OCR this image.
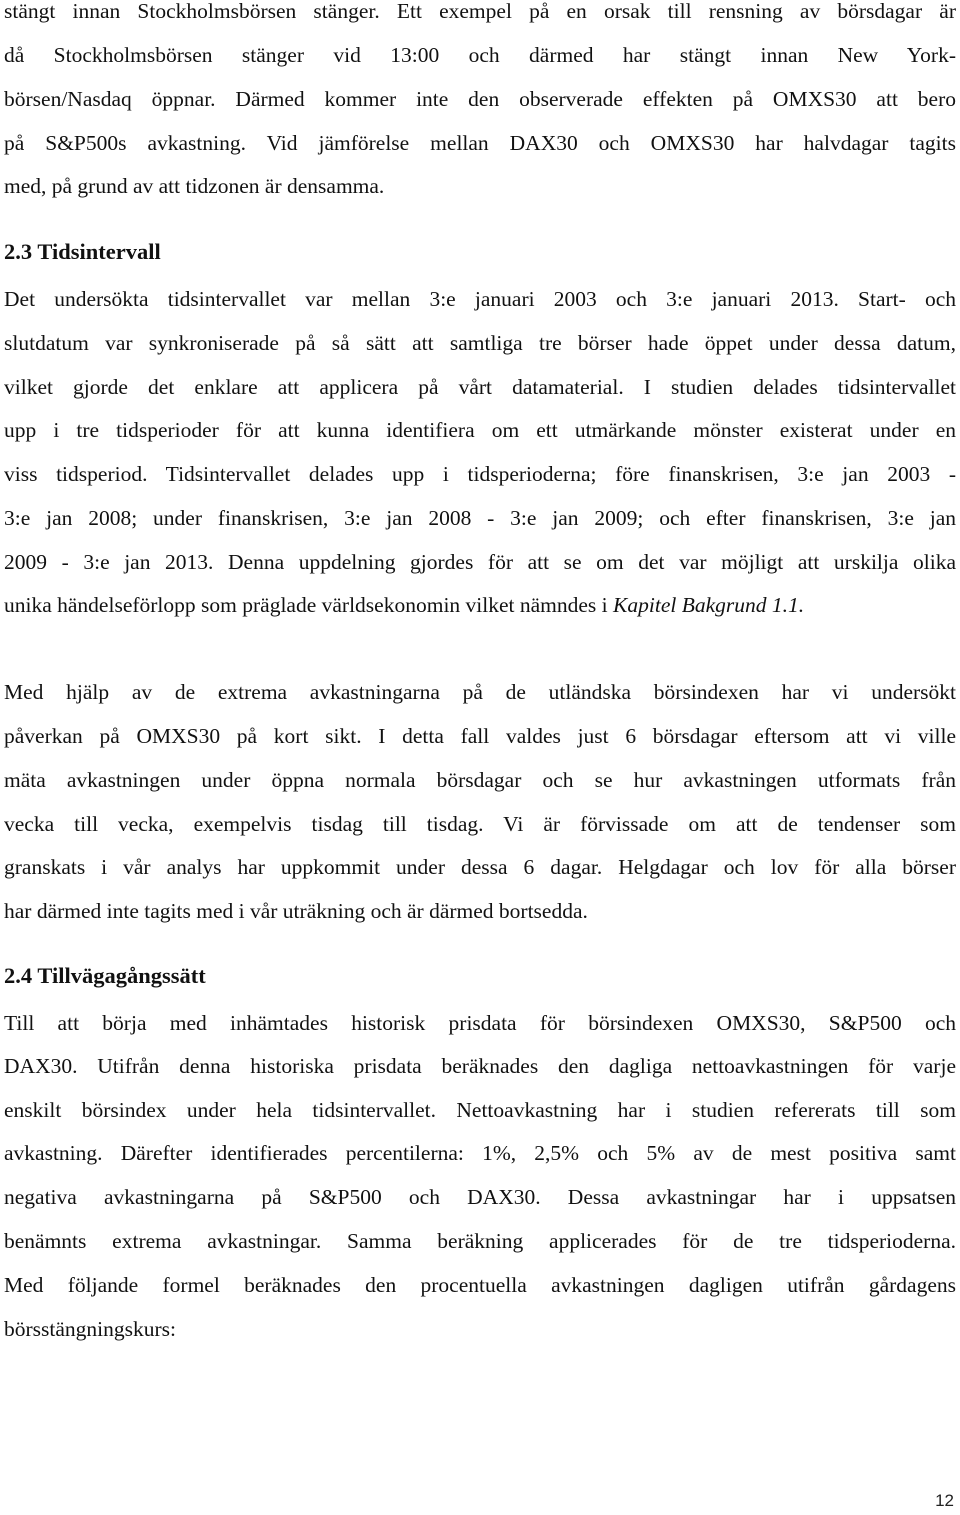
stängt innan Stockholmsbörsen stänger. Ett exempel på en orsak till rensning av börsdagar är
då Stockholmsbörsen stänger vid 13:00 och därmed har stängt innan New York-
börsen/Nasdaq öppnar. Därmed kommer inte den observerade effekten på OMXS30 att bero
på S&P500s avkastning. Vid jämförelse mellan DAX30 och OMXS30 har halvdagar tagits
med, på grund av att tidzonen är densamma.
2.3 Tidsintervall
Det undersökta tidsintervallet var mellan 3:e januari 2003 och 3:e januari 2013. Start- och
slutdatum var synkroniserade på så sätt att samtliga tre börser hade öppet under dessa datum,
vilket gjorde det enklare att applicera på vårt datamaterial. I studien delades tidsintervallet
upp i tre tidsperioder för att kunna identifiera om ett utmärkande mönster existerat under en
viss tidsperiod. Tidsintervallet delades upp i tidsperioderna; före finanskrisen, 3:e jan 2003 -
3:e jan 2008; under finanskrisen, 3:e jan 2008 - 3:e jan 2009; och efter finanskrisen, 3:e jan
2009 - 3:e jan 2013. Denna uppdelning gjordes för att se om det var möjligt att urskilja olika
unika händelseförlopp som präglade världsekonomin vilket nämndes i Kapitel Bakgrund 1.1.
Med hjälp av de extrema avkastningarna på de utländska börsindexen har vi undersökt
påverkan på OMXS30 på kort sikt. I detta fall valdes just 6 börsdagar eftersom att vi ville
mäta avkastningen under öppna normala börsdagar och se hur avkastningen utformats från
vecka till vecka, exempelvis tisdag till tisdag. Vi är förvissade om att de tendenser som
granskats i vår analys har uppkommit under dessa 6 dagar. Helgdagar och lov för alla börser
har därmed inte tagits med i vår uträkning och är därmed bortsedda.
2.4 Tillvägagångssätt
Till att börja med inhämtades historisk prisdata för börsindexen OMXS30, S&P500 och
DAX30. Utifrån denna historiska prisdata beräknades den dagliga nettoavkastningen för varje
enskilt börsindex under hela tidsintervallet. Nettoavkastning har i studien refererats till som
avkastning. Därefter identifierades percentilerna: 1%, 2,5% och 5% av de mest positiva samt
negativa avkastningarna på S&P500 och DAX30. Dessa avkastningar har i uppsatsen
benämnts extrema avkastningar. Samma beräkning applicerades för de tre tidsperioderna.
Med följande formel beräknades den procentuella avkastningen dagligen utifrån gårdagens
börsstängningskurs:
12
